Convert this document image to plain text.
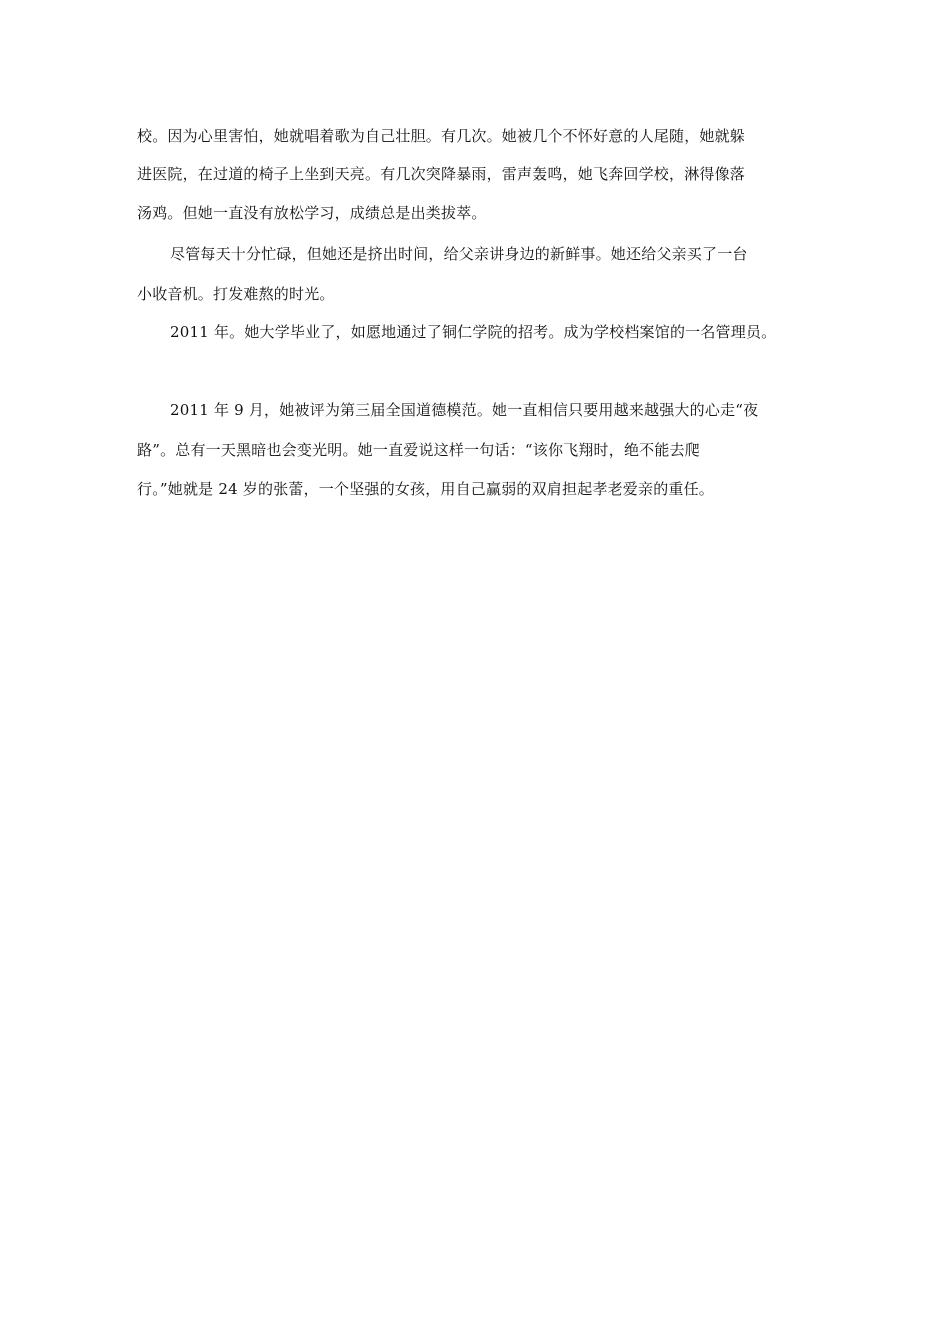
校。因为心里害怕，她就唱着歌为自己壮胆。有几次。她被几个不怀好意的人尾随，她就躲
进医院，在过道的椅子上坐到天亮。有几次突降暴雨，雷声轰鸣，她飞奔回学校，淋得像落
汤鸡。但她一直没有放松学习，成绩总是出类拔萃。
尽管每天十分忙碌，但她还是挤出时间，给父亲讲身边的新鲜事。她还给父亲买了一台
小收音机。打发难熬的时光。
2011 年。她大学毕业了，如愿地通过了铜仁学院的招考。成为学校档案馆的一名管理员。
2011 年 9 月，她被评为第三届全国道德模范。她一直相信只要用越来越强大的心走“夜
路”。总有一天黑暗也会变光明。她一直爱说这样一句话：“该你飞翔时，绝不能去爬
行。”她就是 24 岁的张蕾，一个坚强的女孩，用自己赢弱的双肩担起孝老爱亲的重任。
